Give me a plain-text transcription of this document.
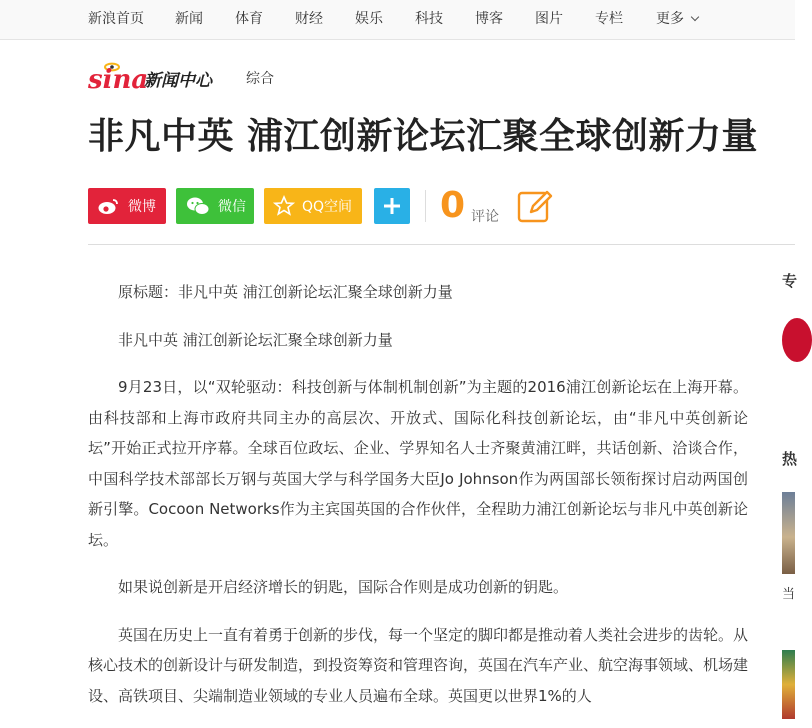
新浪首页 新闻 体育 财经 娱乐 科技 博客 图片 专栏 更多
sina
新闻中心 综合
非凡中英 浦江创新论坛汇聚全球创新力量
微博	微信	QQ空间 0 评论

原标题：非凡中英 浦江创新论坛汇聚全球创新力量

非凡中英 浦江创新论坛汇聚全球创新力量

9月23日，以“双轮驱动：科技创新与体制机制创新”为主题的2016浦江创新论坛在上海开幕。由科技部和上海市政府共同主办的高层次、开放式、国际化科技创新论坛，由“非凡中英创新论坛”开始正式拉开序幕。全球百位政坛、企业、学界知名人士齐聚黄浦江畔，共话创新、洽谈合作，中国科学技术部部长万钢与英国大学与科学国务大臣Jo Johnson作为两国部长领衔探讨启动两国创新引擎。Cocoon Networks作为主宾国英国的合作伙伴，全程助力浦江创新论坛与非凡中英创新论坛。

如果说创新是开启经济增长的钥匙，国际合作则是成功创新的钥匙。

英国在历史上一直有着勇于创新的步伐，每一个坚定的脚印都是推动着人类社会进步的齿轮。从核心技术的创新设计与研发制造，到投资筹资和管理咨询，英国在汽车产业、航空海事领域、机场建设、高铁项目、尖端制造业领域的专业人员遍布全球。英国更以世界1%的人

专
热
当
